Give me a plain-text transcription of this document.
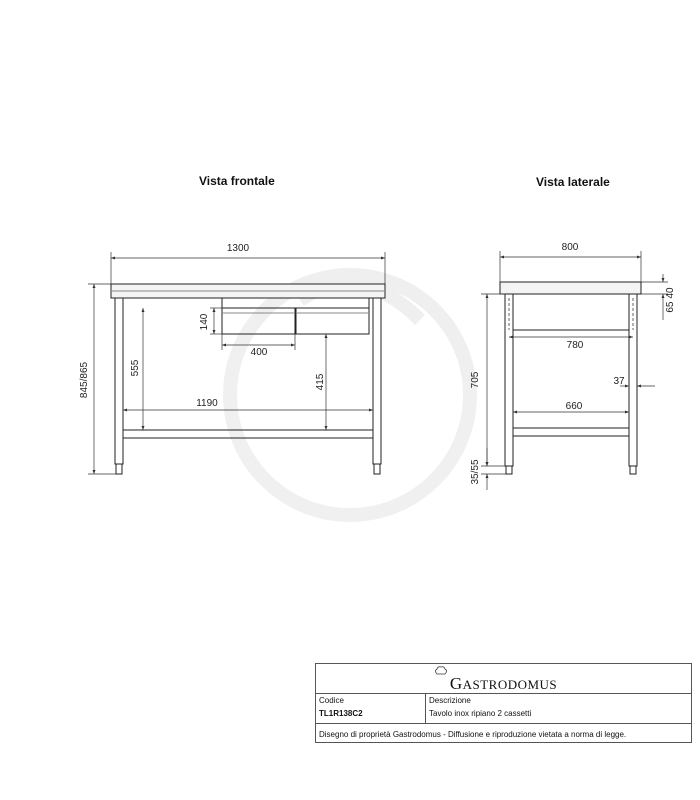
Vista frontale	Vista laterale
1300
845/865
140
400
555
1190
415
800
6540
780
705	37
660
35/55
GASTRODOMUS
Codice
TL1R138C2
Descrizione
Tavolo inox ripiano 2 cassetti
Disegno di proprietà Gastrodomus - Diffusione e riproduzione vietata a norma di legge.
